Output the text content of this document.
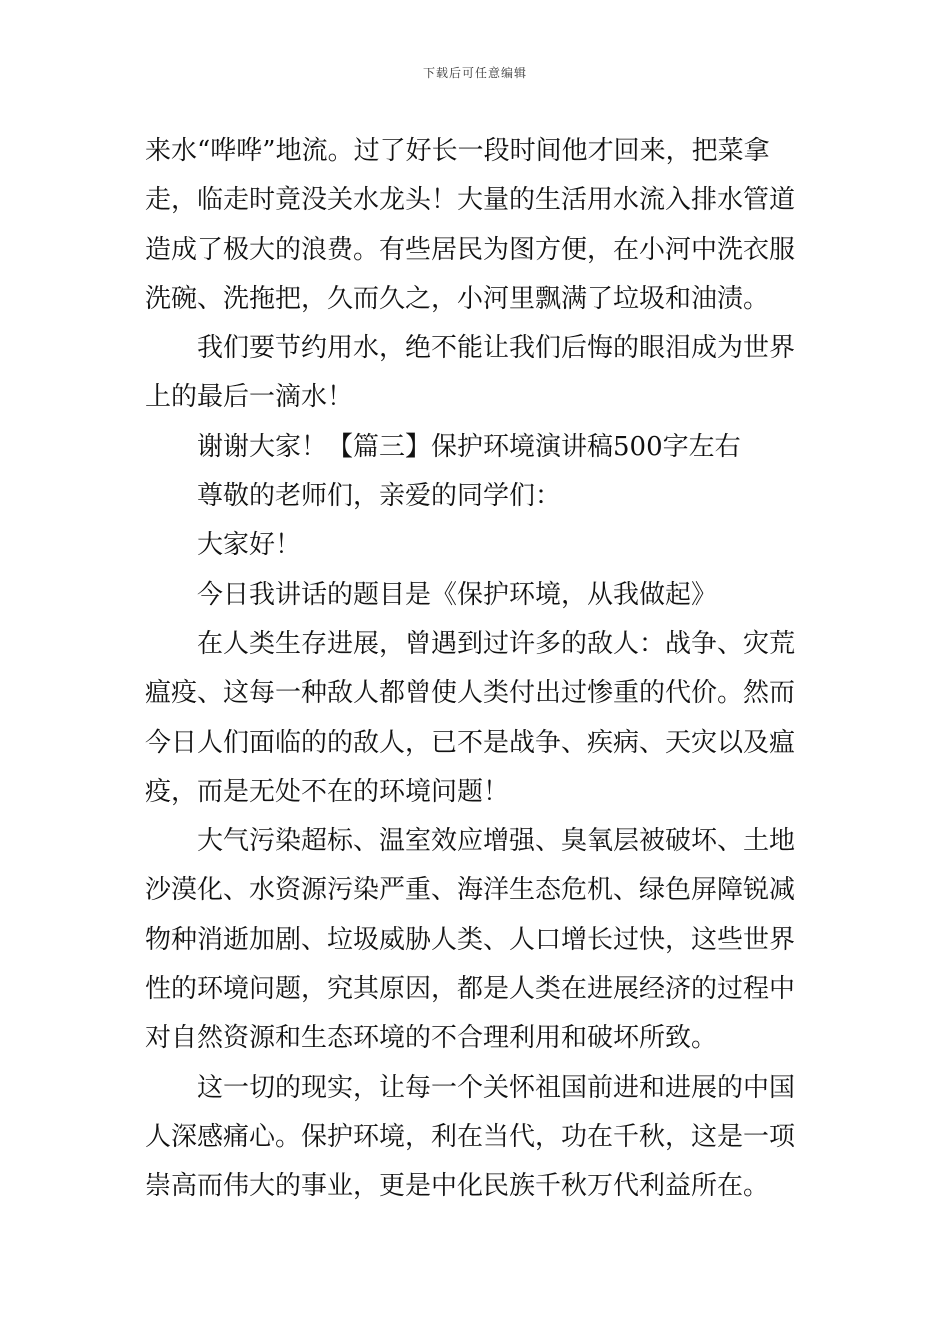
下载后可任意编辑
来水“哗哗”地流。过了好长一段时间他才回来，把菜拿
走，临走时竟没关水龙头！大量的生活用水流入排水管道
造成了极大的浪费。有些居民为图方便，在小河中洗衣服
洗碗、洗拖把，久而久之，小河里飘满了垃圾和油渍。
我们要节约用水，绝不能让我们后悔的眼泪成为世界
上的最后一滴水！
谢谢大家！【篇三】保护环境演讲稿500字左右
尊敬的老师们，亲爱的同学们：
大家好！
今日我讲话的题目是《保护环境，从我做起》
在人类生存进展，曾遇到过许多的敌人：战争、灾荒
瘟疫、这每一种敌人都曾使人类付出过惨重的代价。然而
今日人们面临的的敌人，已不是战争、疾病、天灾以及瘟
疫，而是无处不在的环境问题！
大气污染超标、温室效应增强、臭氧层被破坏、土地
沙漠化、水资源污染严重、海洋生态危机、绿色屏障锐减
物种消逝加剧、垃圾威胁人类、人口增长过快，这些世界
性的环境问题，究其原因，都是人类在进展经济的过程中
对自然资源和生态环境的不合理利用和破坏所致。
这一切的现实，让每一个关怀祖国前进和进展的中国
人深感痛心。保护环境，利在当代，功在千秋，这是一项
崇高而伟大的事业，更是中化民族千秋万代利益所在。
